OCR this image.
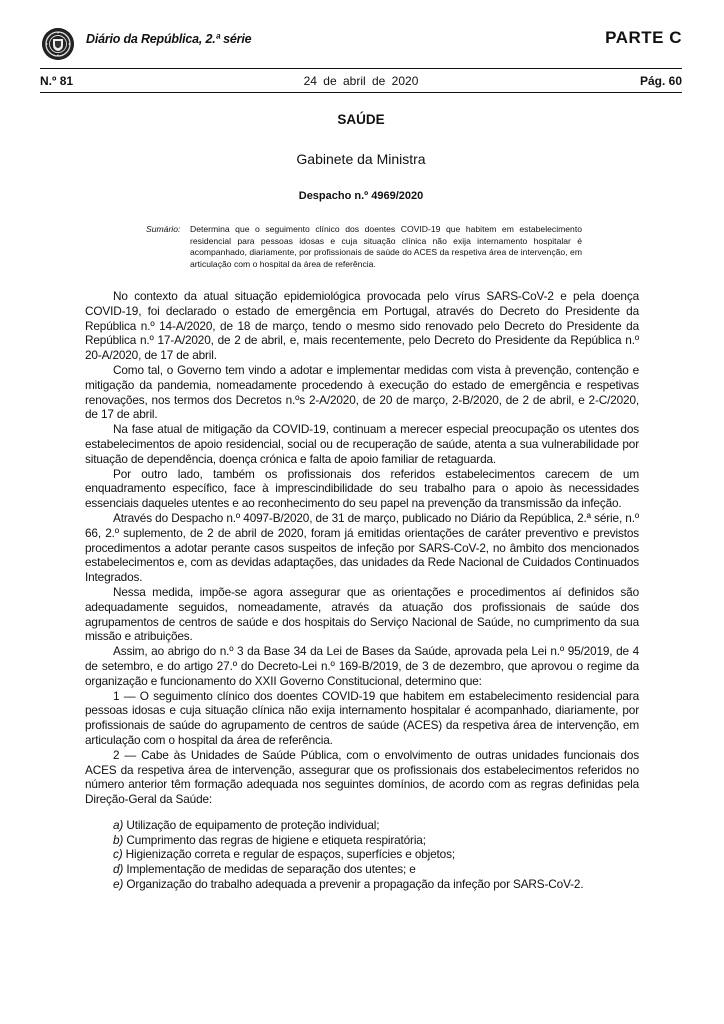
Diário da República, 2.ª série	PARTE C
N.º 81	24 de abril de 2020	Pág. 60
SAÚDE
Gabinete da Ministra
Despacho n.º 4969/2020
Sumário:	Determina que o seguimento clínico dos doentes COVID-19 que habitem em estabelecimento residencial para pessoas idosas e cuja situação clínica não exija internamento hospitalar é acompanhado, diariamente, por profissionais de saúde do ACES da respetiva área de intervenção, em articulação com o hospital da área de referência.

No contexto da atual situação epidemiológica provocada pelo vírus SARS-CoV-2 e pela doença COVID-19, foi declarado o estado de emergência em Portugal, através do Decreto do Presidente da República n.º 14-A/2020, de 18 de março, tendo o mesmo sido renovado pelo Decreto do Presidente da República n.º 17-A/2020, de 2 de abril, e, mais recentemente, pelo Decreto do Presidente da República n.º 20-A/2020, de 17 de abril.

Como tal, o Governo tem vindo a adotar e implementar medidas com vista à prevenção, contenção e mitigação da pandemia, nomeadamente procedendo à execução do estado de emergência e respetivas renovações, nos termos dos Decretos n.ºs 2-A/2020, de 20 de março, 2-B/2020, de 2 de abril, e 2-C/2020, de 17 de abril.

Na fase atual de mitigação da COVID-19, continuam a merecer especial preocupação os utentes dos estabelecimentos de apoio residencial, social ou de recuperação de saúde, atenta a sua vulnerabilidade por situação de dependência, doença crónica e falta de apoio familiar de retaguarda.

Por outro lado, também os profissionais dos referidos estabelecimentos carecem de um enquadramento específico, face à imprescindibilidade do seu trabalho para o apoio às necessidades essenciais daqueles utentes e ao reconhecimento do seu papel na prevenção da transmissão da infeção.

Através do Despacho n.º 4097-B/2020, de 31 de março, publicado no Diário da República, 2.ª série, n.º 66, 2.º suplemento, de 2 de abril de 2020, foram já emitidas orientações de caráter preventivo e previstos procedimentos a adotar perante casos suspeitos de infeção por SARS-CoV-2, no âmbito dos mencionados estabelecimentos e, com as devidas adaptações, das unidades da Rede Nacional de Cuidados Continuados Integrados.

Nessa medida, impõe-se agora assegurar que as orientações e procedimentos aí definidos são adequadamente seguidos, nomeadamente, através da atuação dos profissionais de saúde dos agrupamentos de centros de saúde e dos hospitais do Serviço Nacional de Saúde, no cumprimento da sua missão e atribuições.

Assim, ao abrigo do n.º 3 da Base 34 da Lei de Bases da Saúde, aprovada pela Lei n.º 95/2019, de 4 de setembro, e do artigo 27.º do Decreto-Lei n.º 169-B/2019, de 3 de dezembro, que aprovou o regime da organização e funcionamento do XXII Governo Constitucional, determino que:

1 — O seguimento clínico dos doentes COVID-19 que habitem em estabelecimento residencial para pessoas idosas e cuja situação clínica não exija internamento hospitalar é acompanhado, diariamente, por profissionais de saúde do agrupamento de centros de saúde (ACES) da respetiva área de intervenção, em articulação com o hospital da área de referência.

2 — Cabe às Unidades de Saúde Pública, com o envolvimento de outras unidades funcionais dos ACES da respetiva área de intervenção, assegurar que os profissionais dos estabelecimentos referidos no número anterior têm formação adequada nos seguintes domínios, de acordo com as regras definidas pela Direção-Geral da Saúde:

a) Utilização de equipamento de proteção individual;

b) Cumprimento das regras de higiene e etiqueta respiratória;

c) Higienização correta e regular de espaços, superfícies e objetos;

d) Implementação de medidas de separação dos utentes; e

e) Organização do trabalho adequada a prevenir a propagação da infeção por SARS-CoV-2.
